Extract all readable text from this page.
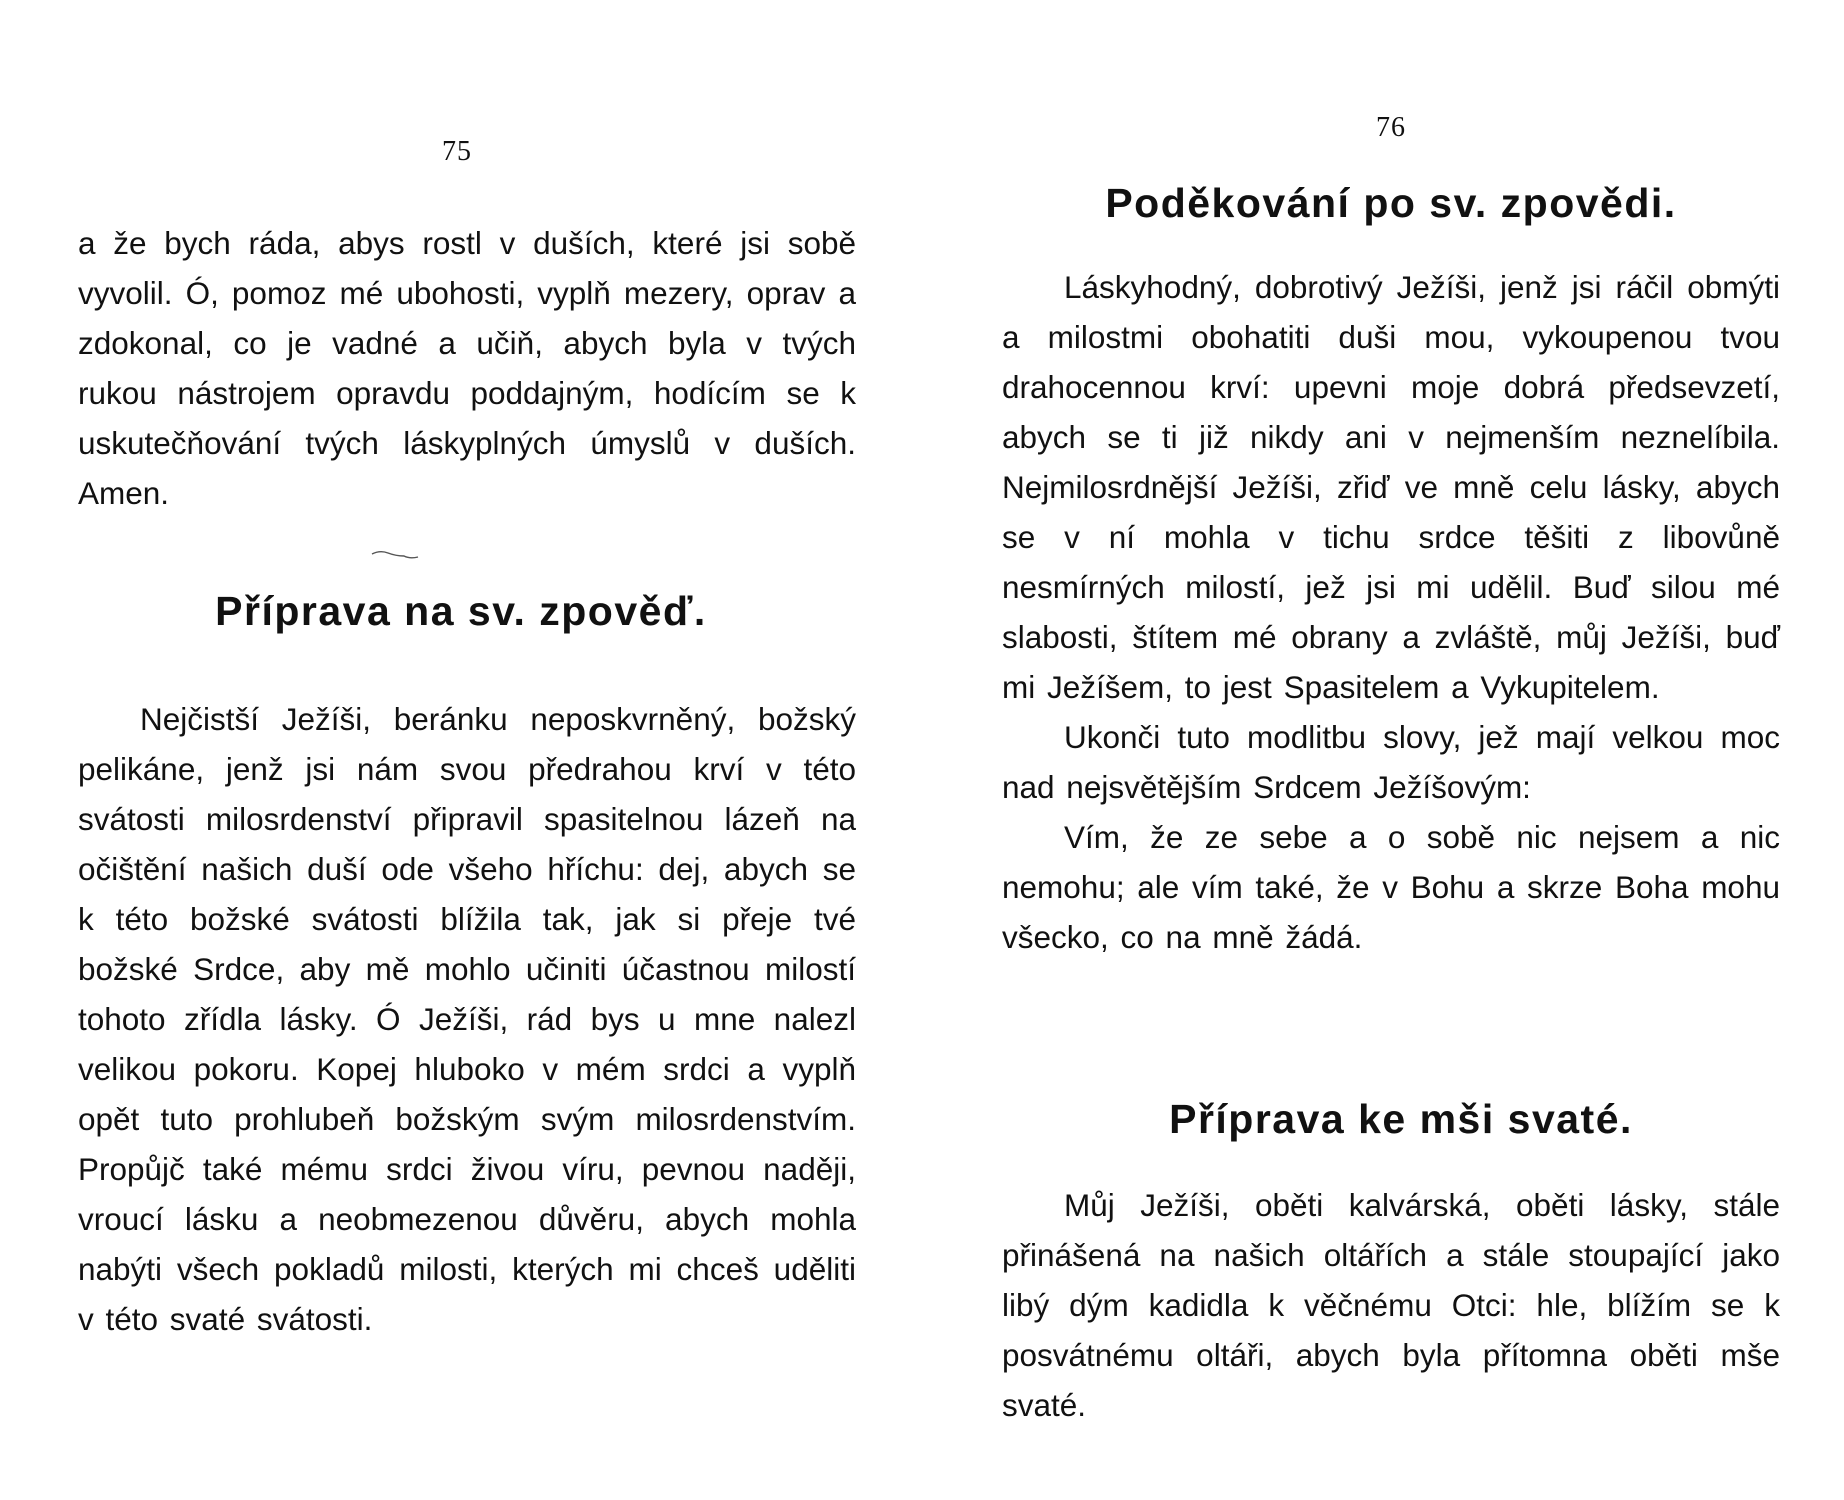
75

a že bych ráda, abys rostl v duších, které jsi sobě vyvolil. Ó, pomoz mé ubohosti, vyplň mezery, oprav a zdokonal, co je vadné a učiň, abych byla v tvých rukou nástrojem opravdu poddajným, hodícím se k uskutečňování tvých láskyplných úmyslů v duších. Amen.

Příprava na sv. zpověď.

Nejčistší Ježíši, beránku neposkvrněný, božský pelikáne, jenž jsi nám svou předrahou krví v této svátosti milosrdenství připravil spasitelnou lázeň na očištění našich duší ode všeho hříchu: dej, abych se k této božské svátosti blížila tak, jak si přeje tvé božské Srdce, aby mě mohlo učiniti účastnou milostí tohoto zřídla lásky. Ó Ježíši, rád bys u mne nalezl velikou pokoru. Kopej hluboko v mém srdci a vyplň opět tuto prohlubeň božským svým milosrdenstvím. Propůjč také mému srdci živou víru, pevnou naději, vroucí lásku a neobmezenou důvěru, abych mohla nabýti všech pokladů milosti, kterých mi chceš uděliti v této svaté svátosti.

76
Poděkování po sv. zpovědi.

Láskyhodný, dobrotivý Ježíši, jenž jsi ráčil obmýti a milostmi obohatiti duši mou, vykoupenou tvou drahocennou krví: upevni moje dobrá předsevzetí, abych se ti již nikdy ani v nejmenším neznelíbila. Nejmilosrdnější Ježíši, zřiď ve mně celu lásky, abych se v ní mohla v tichu srdce těšiti z libovůně nesmírných milostí, jež jsi mi udělil. Buď silou mé slabosti, štítem mé obrany a zvláště, můj Ježíši, buď mi Ježíšem, to jest Spasitelem a Vykupitelem.

Ukonči tuto modlitbu slovy, jež mají velkou moc nad nejsvětějším Srdcem Ježíšovým:

Vím, že ze sebe a o sobě nic nejsem a nic nemohu; ale vím také, že v Bohu a skrze Boha mohu všecko, co na mně žádá.

Příprava ke mši svaté.

Můj Ježíši, oběti kalvárská, oběti lásky, stále přinášená na našich oltářích a stále stoupající jako libý dým kadidla k věčnému Otci: hle, blížím se k posvátnému oltáři, abych byla přítomna oběti mše svaté.
